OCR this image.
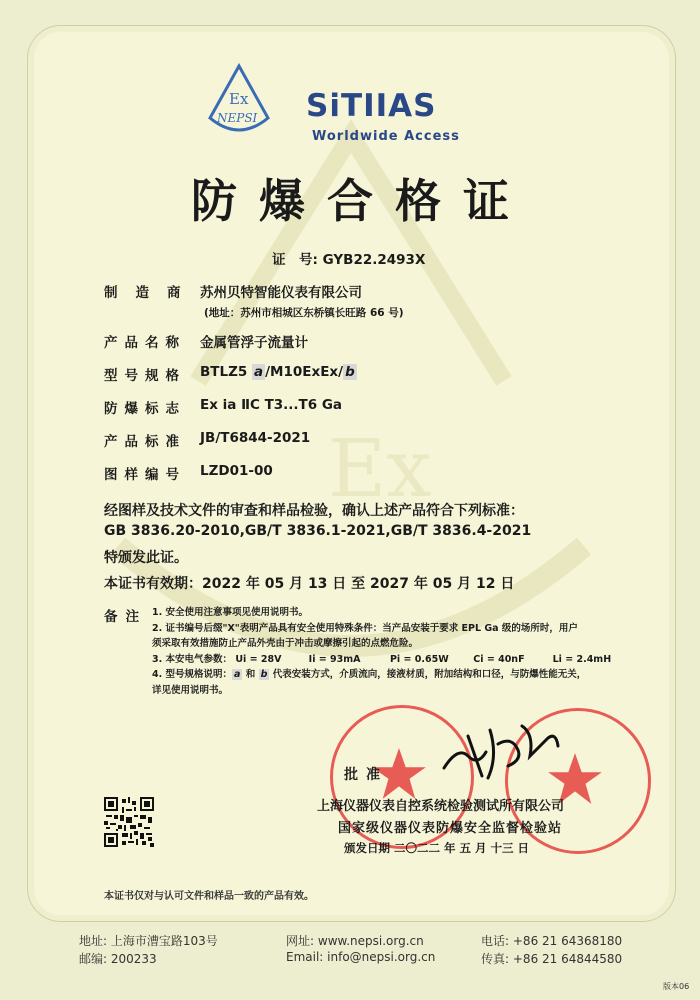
Ex
Ex
NEPSI SiTIIAS
Worldwide Access
防爆合格证
证　号: GYB22.2493X
制造商 苏州贝特智能仪表有限公司
(地址：苏州市相城区东桥镇长旺路 66 号)
产品名称	金属管浮子流量计
型号规格	BTLZ5 a /M10ExEx/ b
防爆标志	Ex ia ⅡC T3...T6 Ga
产品标准	JB/T6844-2021
图样编号	LZD01-00
经图样及技术文件的审查和样品检验，确认上述产品符合下列标准：
GB 3836.20-2010,GB/T 3836.1-2021,GB/T 3836.4-2021
特颁发此证。
本证书有效期：2022 年 05 月 13 日 至 2027 年 05 月 12 日
备注 1. 安全使用注意事项见使用说明书。
2. 证书编号后缀"X"表明产品具有安全使用特殊条件：当产品安装于要求 EPL Ga 级的场所时，用户
须采取有效措施防止产品外壳由于冲击或摩擦引起的点燃危险。
3. 本安电气参数： Ui = 28V	Ii = 93mA	Pi = 0.65W	Ci = 40nF	Li = 2.4mH
4. 型号规格说明： a 和 b 代表安装方式，介质流向，接液材质，附加结构和口径，与防爆性能无关，
详见使用说明书。
批准
上海仪器仪表自控系统检验测试所有限公司
国家级仪器仪表防爆安全监督检验站
颁发日期 二〇二二 年 五 月 十三 日
本证书仅对与认可文件和样品一致的产品有效。
地址: 上海市漕宝路103号
邮编: 200233
网址: www.nepsi.org.cn
Email: info@nepsi.org.cn
电话: +86 21 64368180
传真: +86 21 64844580
版本06
